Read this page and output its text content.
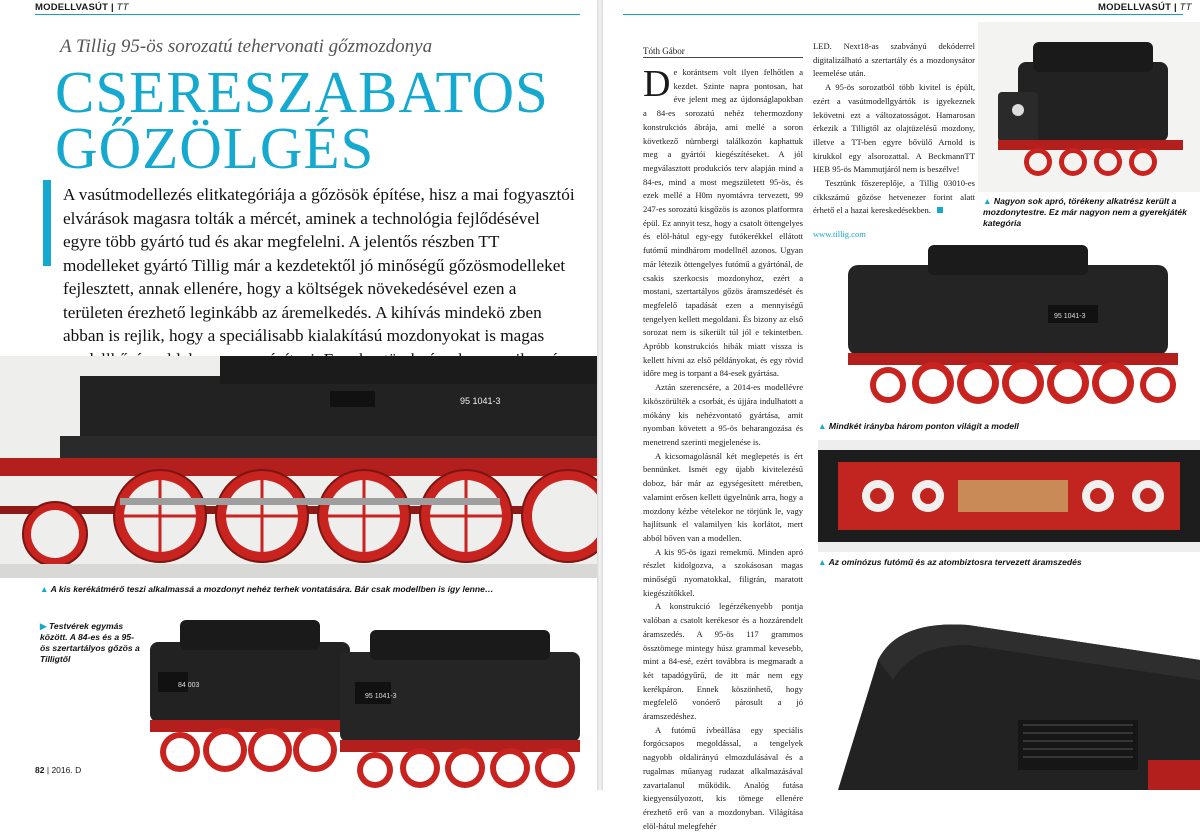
MODELLVASÚT | TT
A Tillig 95-ös sorozatú tehervonati gőzmozdonya
CSERESZABATOS
GŐZÖLGÉS
A vasútmodellezés elitkategóriája a gőzösök építése, hisz a mai fogyasztói elvárások magasra tolták a mércét, aminek a technológia fejlődésével egyre több gyártó tud és akar megfelelni. A jelentős részben TT modelleket gyártó Tillig már a kezdetektől jó minőségű gőzösmodelleket fejlesztett, annak ellenére, hogy a költségek növekedésével ezen a területen érezhető leginkább az áremelkedés. A kihívás mindekö zben abban is rejlik, hogy a speciálisabb kialakítású mozdonyokat is magas
95 1041-3
▲ A kis kerékátmérő teszi alkalmassá a mozdonyt nehéz terhek vontatására. Bár csak modellben is így lenne…
▶ Testvérek egymás között. A 84-es és a 95-ös szertartályos gőzös a Tilligtől
84 003
95 1041-3
82 | 2016. D
MODELLVASÚT | TT
Tóth Gábor

De korántsem volt ilyen felhőtlen a kezdet. Szinte napra pontosan, hat éve jelent meg az újdonságlapokban a 84-es sorozatú nehéz tehermozdony konstrukciós ábrája, ami mellé a soron következő nürnbergi találkozón kaphattuk meg a gyártói kiegészítéseket. A jól megválasztott produkciós terv alapján mind a 84-es, mind a most megszületett 95-ös, és ezek mellé a H0m nyomtávra tervezett, 99 247-es sorozatú kisgőzös is azonos platformra épül. Ez annyit tesz, hogy a csatolt öttengelyes és elöl-hátul egy-egy futókerékkel ellátott futómű mindhárom modellnél azonos. Ugyan már létezik öttengelyes futómű a gyártónál, de csakis szerkocsis mozdonyhoz, ezért a mostani, szertartályos gőzös áramszedését és megfelelő tapadását ezen a mennyiségű tengelyen kellett megoldani. És bizony az első sorozat nem is sikerült túl jól e tekintetben. Apróbb konstrukciós hibák miatt vissza is kellett hívni az első példányokat, és egy rövid időre meg is torpant a 84-esek gyártása.

Aztán szerencsére, a 2014-es modellévre kiköszörülték a csorbát, és újjára indulhatott a mókány kis nehézvontató gyártása, amit nyomban követett a 95-ös beharangozása és menetrend szerinti megjelenése is.

A kicsomagolásnál két meglepetés is ért bennünket. Ismét egy újabb kivitelezésű doboz, bár már az egységesített méretben, valamint erősen kellett ügyelnünk arra, hogy a mozdony kézbe vételekor ne törjünk le, vagy hajlítsunk el valamilyen kis korlátot, mert abból bőven van a modellen.

A kis 95-ös igazi remekmű. Minden apró részlet kidolgozva, a szokásosan magas minőségű nyomatokkal, filigrán, maratott kiegészítőkkel.

A konstrukció legérzékenyebb pontja valóban a csatolt kerékesor és a hozzárendelt áramszedés. A 95-ös 117 grammos össztömege mintegy húsz grammal kevesebb, mint a 84-esé, ezért továbbra is megmaradt a két tapadógyűrű, de itt már nem egy kerékpáron. Ennek köszönhető, hogy megfelelő vonóerő párosult a jó áramszedéshez.

A futómű ívbeállása egy speciális forgócsapos megoldással, a tengelyek nagyobb oldalirányú elmozdulásával és a rugalmas műanyag rudazat alkalmazásával zavartalanul működik. Analóg futása kiegyensúlyozott, kis tömege ellenére érezhető erő van a mozdonyban. Világítása elöl-hátul melegfehér

LED. Next18-as szabványú dekóderrel digitalizálható a szertartály és a mozdonysátor leemelése után.

A 95-ös sorozatból több kivitel is épült, ezért a vasútmodellgyártók is igyekeznek lekövetni ezt a változatosságot. Hamarosan érkezik a Tilligtől az olajtüzelésű mozdony, illetve a TT-ben egyre bővülő Arnold is kirukkol egy alsorozattal. A BeckmannTT HEB 95-ös Mammutjáról nem is beszélve!

Tesztünk főszereplője, a Tillig 03010-es cikkszámú gőzöse hetvenezer forint alatt érhető el a hazai kereskedésekben.

www.tillig.com

▲ Nagyon sok apró, törékeny alkatrész került a mozdonytestre. Ez már nagyon nem a gyerekjáték kategória
95 1041-3
▲ Mindkét irányba három ponton világít a modell
▲ Az ominózus futómű és az atombiztosra tervezett áramszedés
